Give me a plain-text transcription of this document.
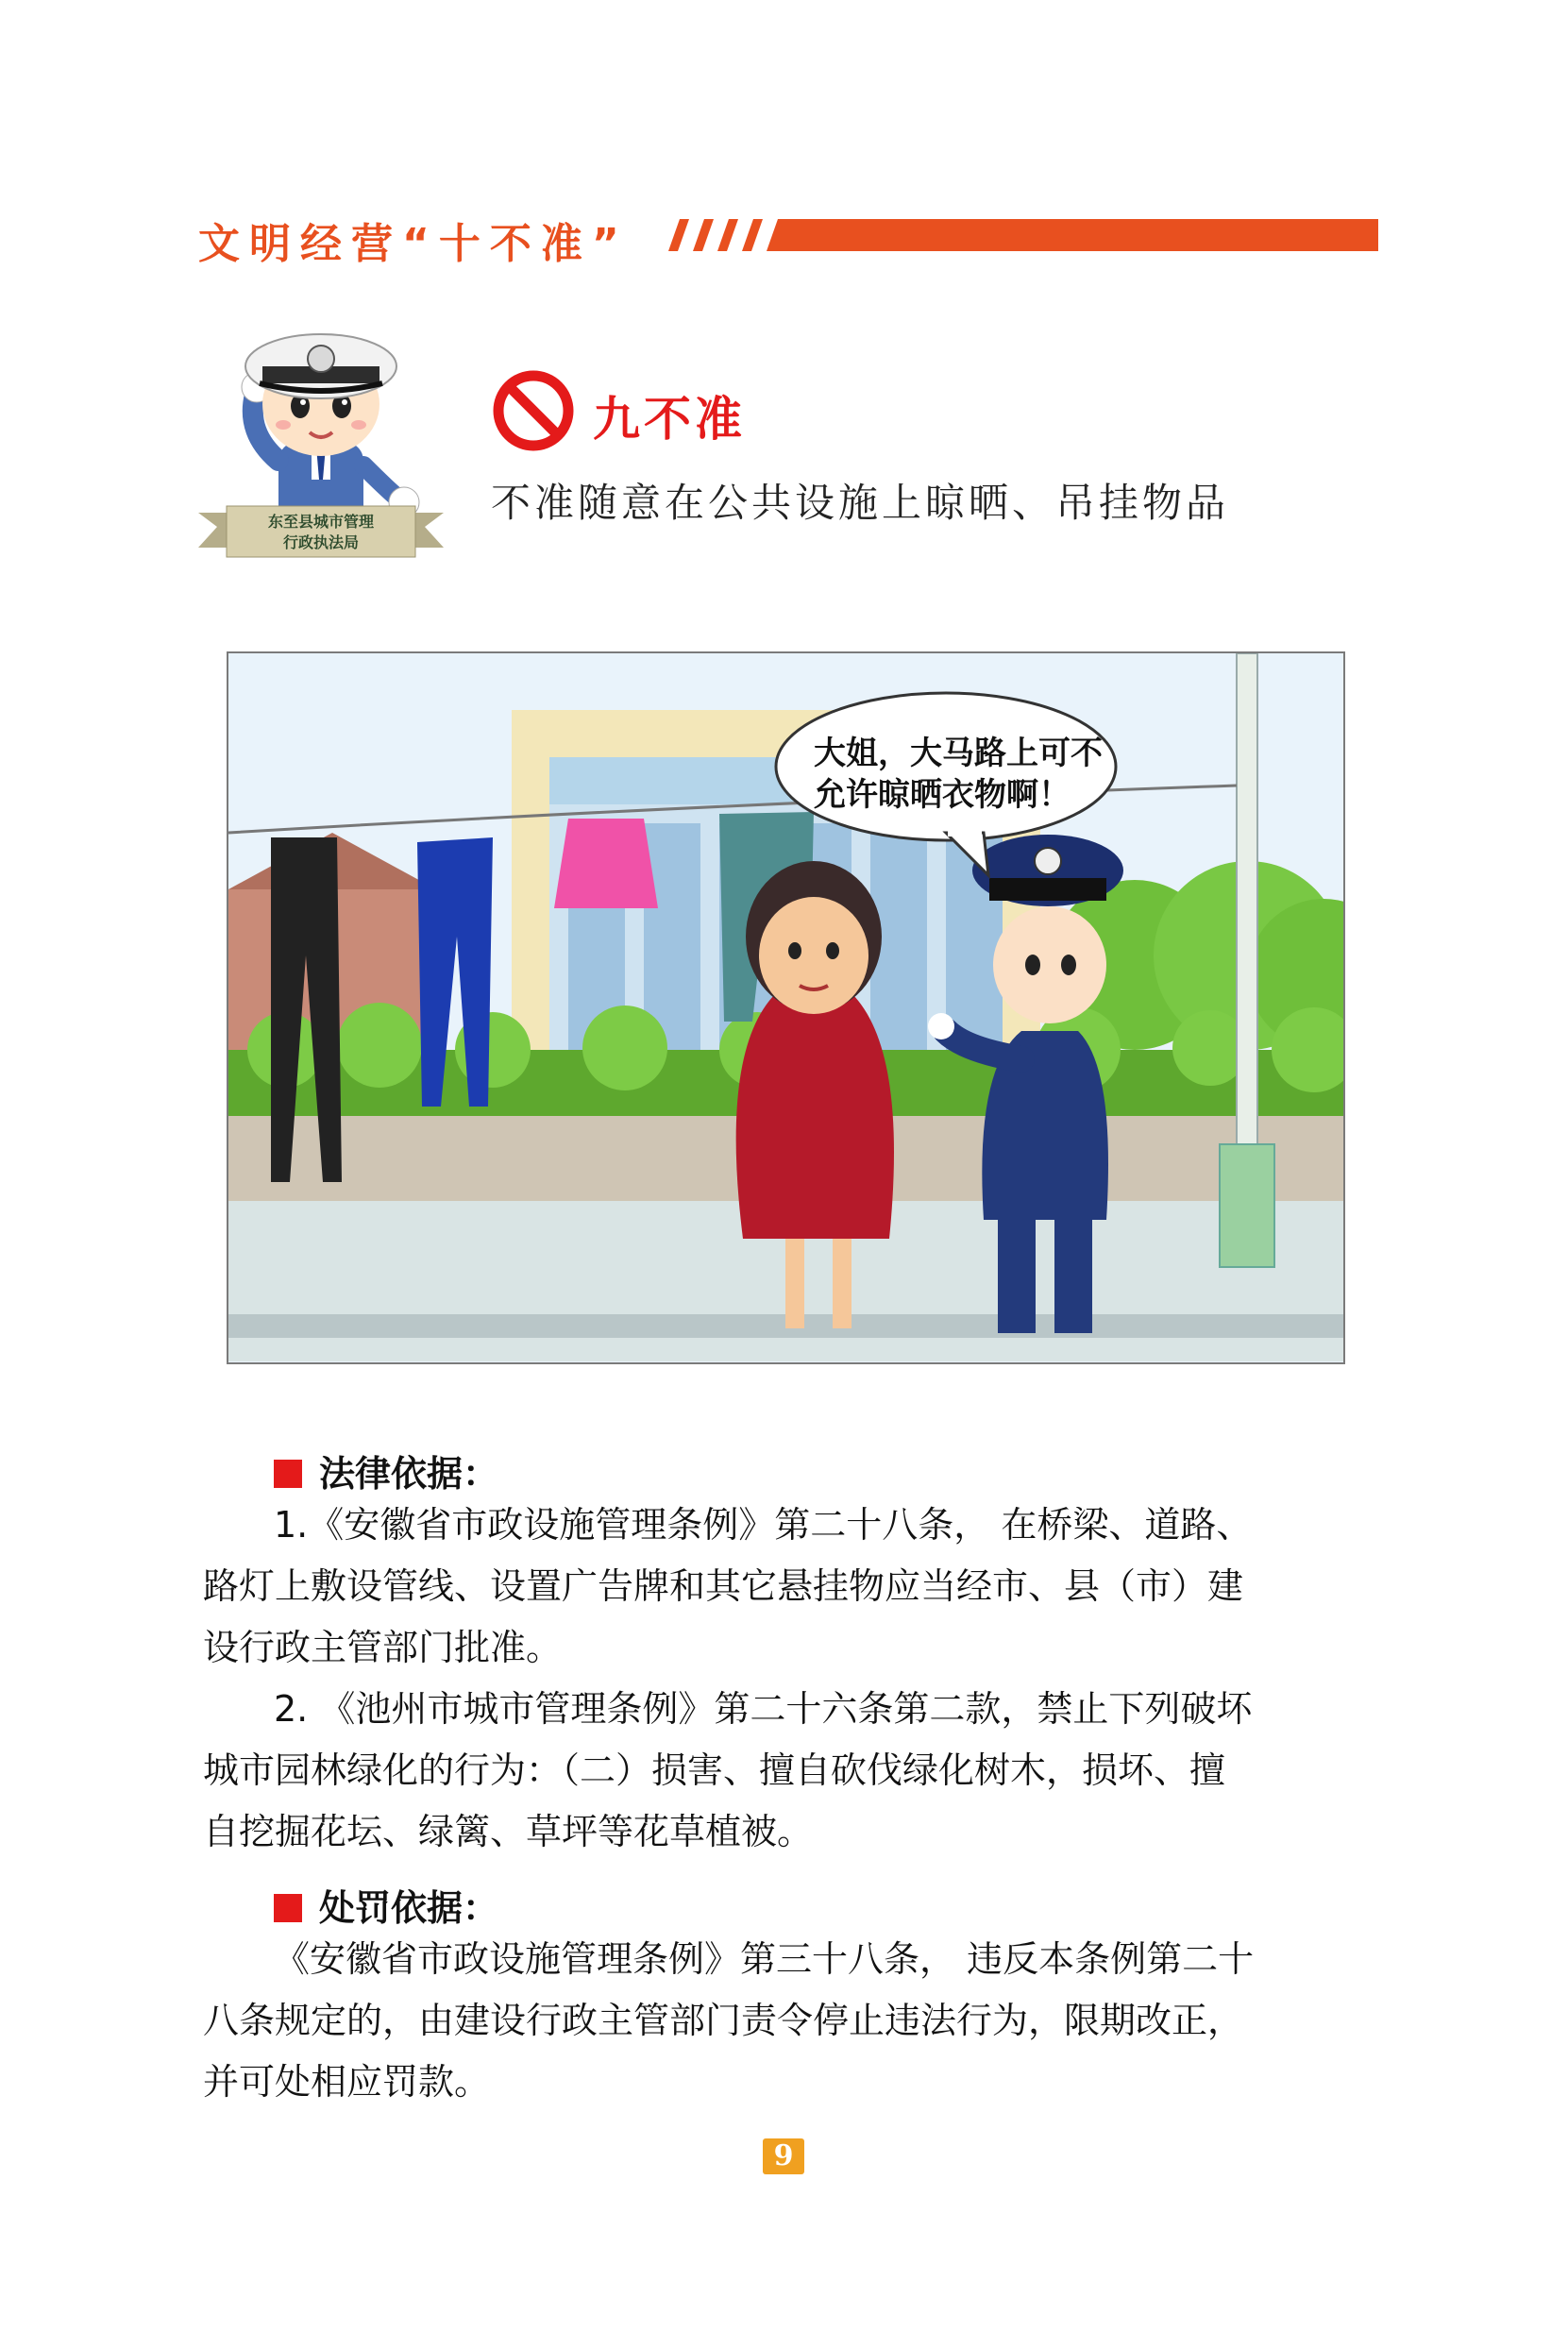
文明经营“十不准”
东至县城市管理
行政执法局
九不准
不准随意在公共设施上晾晒、吊挂物品
大姐，大马路上可不
允许晾晒衣物啊！
法律依据：
1.《安徽省市政设施管理条例》第二十八条， 在桥梁、道路、
路灯上敷设管线、设置广告牌和其它悬挂物应当经市、县（市）建
设行政主管部门批准。
2. 《池州市城市管理条例》第二十六条第二款，禁止下列破坏
城市园林绿化的行为：（二）损害、擅自砍伐绿化树木，损坏、擅
自挖掘花坛、绿篱、草坪等花草植被。
处罚依据：
《安徽省市政设施管理条例》第三十八条， 违反本条例第二十
八条规定的，由建设行政主管部门责令停止违法行为，限期改正，
并可处相应罚款。
9
